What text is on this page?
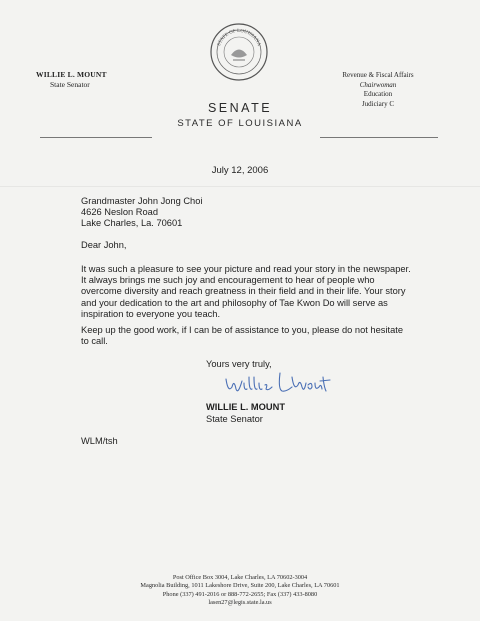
STATE OF LOUISIANA
WILLIE L. MOUNT
State Senator
Revenue & Fiscal Affairs
Chairwoman
Education
Judiciary C
SENATE
STATE OF LOUISIANA
July 12, 2006
Grandmaster John Jong Choi
4626 Neslon Road
Lake Charles, La. 70601
Dear John,
It was such a pleasure to see your picture and read your story in the newspaper. It always brings me such joy and encouragement to hear of people who overcome diversity and reach greatness in their field and in their life. Your story and your dedication to the art and philosophy of Tae Kwon Do will serve as inspiration to everyone you teach.
Keep up the good work, if I can be of assistance to you, please do not hesitate to call.
Yours very truly,
WILLIE L. MOUNT
State Senator
WLM/tsh
Post Office Box 3004, Lake Charles, LA 70602-3004
Magnolia Building, 1011 Lakeshore Drive, Suite 200, Lake Charles, LA 70601
Phone (337) 491-2016 or 888-772-2655; Fax (337) 433-8080
lasen27@legis.state.la.us
